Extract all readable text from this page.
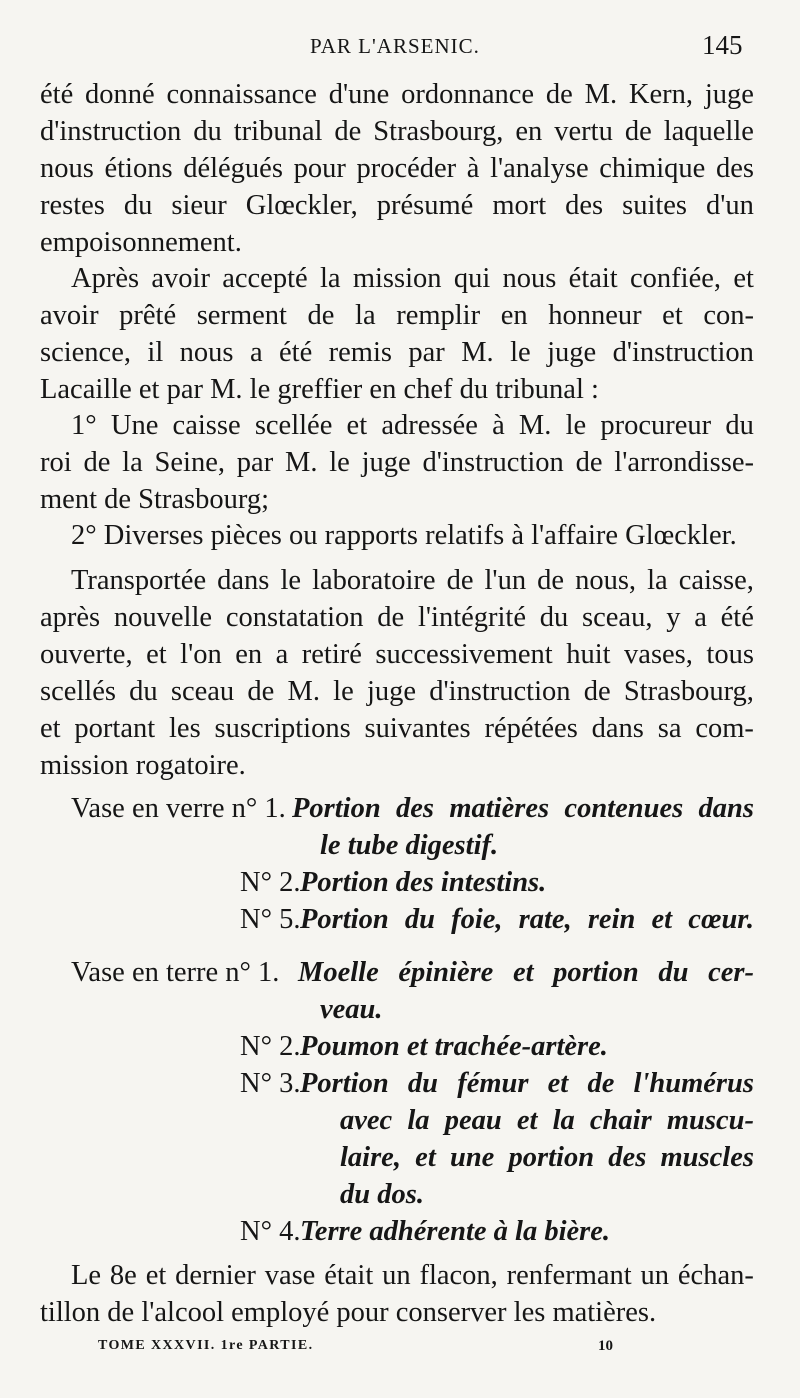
PAR L'ARSENIC.	145
été donné connaissance d'une ordonnance de M. Kern, juge
d'instruction du tribunal de Strasbourg, en vertu de laquelle
nous étions délégués pour procéder à l'analyse chimique des
restes du sieur Glœckler, présumé mort des suites d'un
empoisonnement.
Après avoir accepté la mission qui nous était confiée, et
avoir prêté serment de la remplir en honneur et con-
science, il nous a été remis par M. le juge d'instruction
Lacaille et par M. le greffier en chef du tribunal :
1° Une caisse scellée et adressée à M. le procureur du
roi de la Seine, par M. le juge d'instruction de l'arrondisse-
ment de Strasbourg;
2° Diverses pièces ou rapports relatifs à l'affaire Glœckler.
Transportée dans le laboratoire de l'un de nous, la caisse,
après nouvelle constatation de l'intégrité du sceau, y a été
ouverte, et l'on en a retiré successivement huit vases, tous
scellés du sceau de M. le juge d'instruction de Strasbourg,
et portant les suscriptions suivantes répétées dans sa com-
mission rogatoire.
Vase en verre n° 1. Portion des matières contenues dans
le tube digestif.
N° 2. Portion des intestins.
N° 5. Portion du foie, rate, rein et cœur.
Vase en terre n° 1. Moelle épinière et portion du cer-
veau.
N° 2. Poumon et trachée-artère.
N° 3. Portion du fémur et de l'humérus
avec la peau et la chair muscu-
laire, et une portion des muscles
du dos.
N° 4. Terre adhérente à la bière.
Le 8e et dernier vase était un flacon, renfermant un échan-
tillon de l'alcool employé pour conserver les matières.
TOME XXXVII. 1re PARTIE.	10
